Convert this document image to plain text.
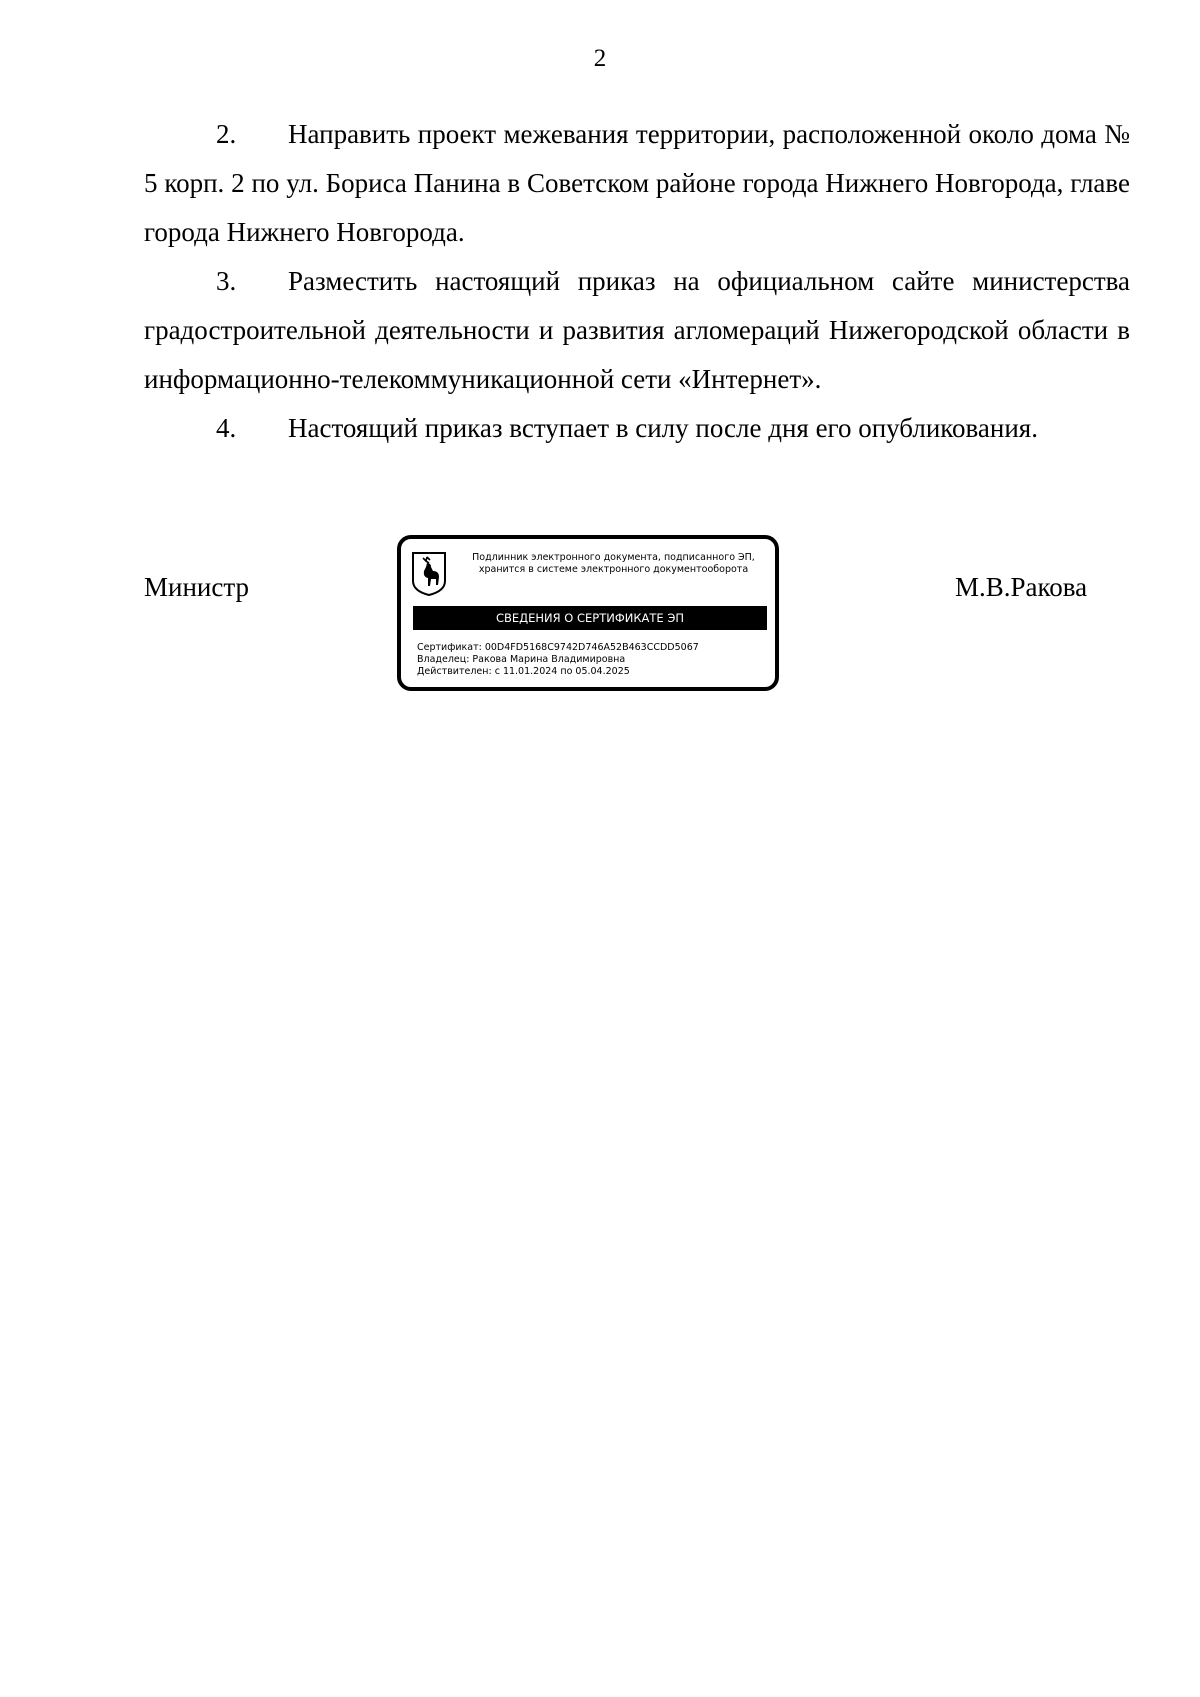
2

2. Направить проект межевания территории, расположенной около дома № 5 корп. 2 по ул. Бориса Панина в Советском районе города Нижнего Новгорода, главе города Нижнего Новгорода.

3. Разместить настоящий приказ на официальном сайте министерства градостроительной деятельности и развития агломераций Нижегородской области в информационно-телекоммуникационной сети «Интернет».

4. Настоящий приказ вступает в силу после дня его опубликования.

Министр	М.В.Ракова
Подлинник электронного документа, подписанного ЭП,
хранится в системе электронного документооборота
СВЕДЕНИЯ О СЕРТИФИКАТЕ ЭП
Сертификат: 00D4FD5168C9742D746A52B463CCDD5067
Владелец: Ракова Марина Владимировна
Действителен: с 11.01.2024 по 05.04.2025
